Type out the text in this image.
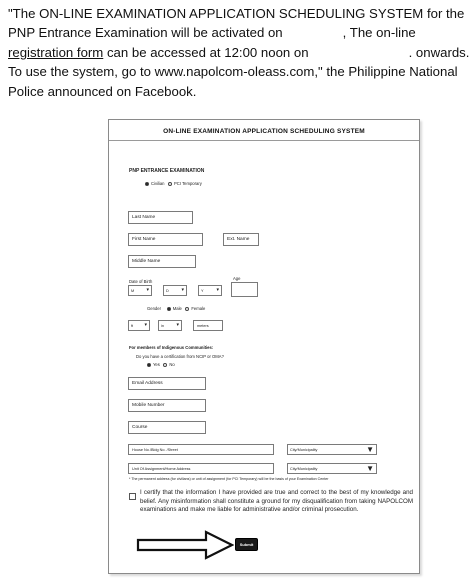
"The ON-LINE EXAMINATION APPLICATION SCHEDULING SYSTEM for the PNP Entrance Examination will be activated on	, The on-line registration form can be accessed at 12:00 noon on	. onwards. To use the system, go to www.napolcom-oleass.com," the Philippine National Police announced on Facebook.
ON-LINE EXAMINATION APPLICATION SCHEDULING SYSTEM
PNP ENTRANCE EXAMINATION
Civilian PCI Temporary
Last Name
First Name	Ext. Name
Middle Name
Date of Birth
Age
M ▾	D	▾	Y	▾
Gender	Male Female
ft ▾	in	▾	meters
For members of Indigenous Communities:
Do you have a certification from NCIP or OMA?
Yes No
Email Address
Mobile Number
Course
House No./Bldg No. /Street	City/Municipality	▼
Unit Of Assignment/Home Address	City/Municipality	▼
* The permanent address (for civilians) or unit of assignment (for PCI Temporary) will be the basis of your Examination Center
I certify that the information I have provided are true and correct to the best of my knowledge and belief. Any misinformation shall constitute a ground for my disqualification from taking NAPOLCOM examinations and make me liable for administrative and/or criminal prosecution.
Submit
